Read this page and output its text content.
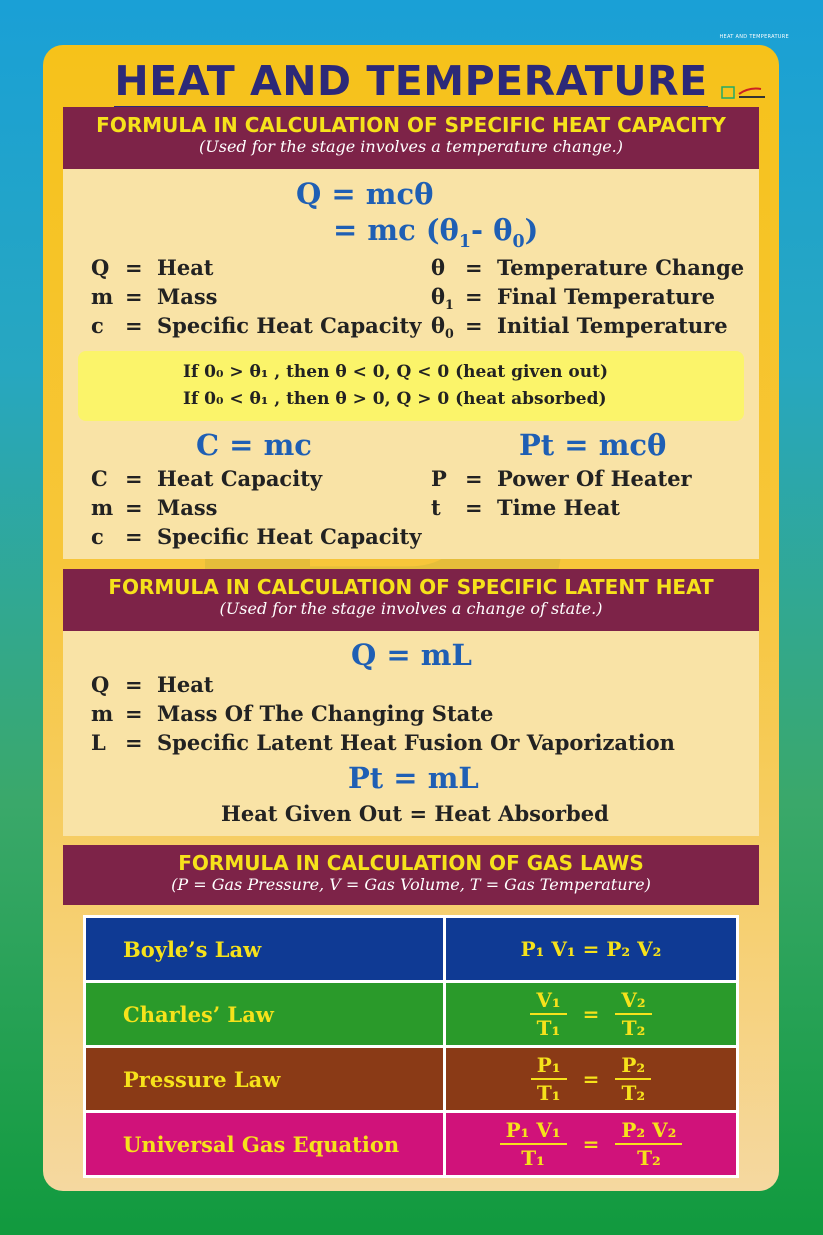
HEAT AND TEMPERATURE
HEAT AND TEMPERATURE
FORMULA IN CALCULATION OF SPECIFIC HEAT CAPACITY
(Used for the stage involves a temperature change.)
Q = mcθ
= mc ($\theta_1-$ $\theta_0$)
Q = Heat
m = Mass
c = Specific Heat Capacity
θ = Temperature Change
$\theta_1$ = Final Temperature
$\theta_0$ = Initial Temperature
If 0₀ > θ₁ , then θ < 0, Q < 0 (heat given out)
If 0₀ < θ₁ , then θ > 0, Q > 0 (heat absorbed)
C = mc	Pt = mcθ
C = Heat Capacity
m = Mass
c = Specific Heat Capacity
P = Power Of Heater
t = Time Heat
FORMULA IN CALCULATION OF SPECIFIC LATENT HEAT
(Used for the stage involves a change of state.)
Q = mL
Q = Heat
m = Mass Of The Changing State
L = Specific Latent Heat Fusion Or Vaporization
Pt = mL
Heat Given Out = Heat Absorbed
FORMULA IN CALCULATION OF GAS LAWS
(P = Gas Pressure, V = Gas Volume, T = Gas Temperature)
Boyle’s Law	P₁ V₁ = P₂ V₂
Charles’ Law	$\frac{\text{V₁}}{\text{T₁}} = \frac{\text{V₂}}{\text{T₂}}$

Pressure Law	$\frac{\text{P₁}}{\text{T₁}} = \frac{\text{P₂}}{\text{T₂}}$

Universal Gas Equation	$\frac{\text{P₁ V₁}}{\text{T₁}} = \frac{\text{P₂ V₂}}{\text{T₂}}$
